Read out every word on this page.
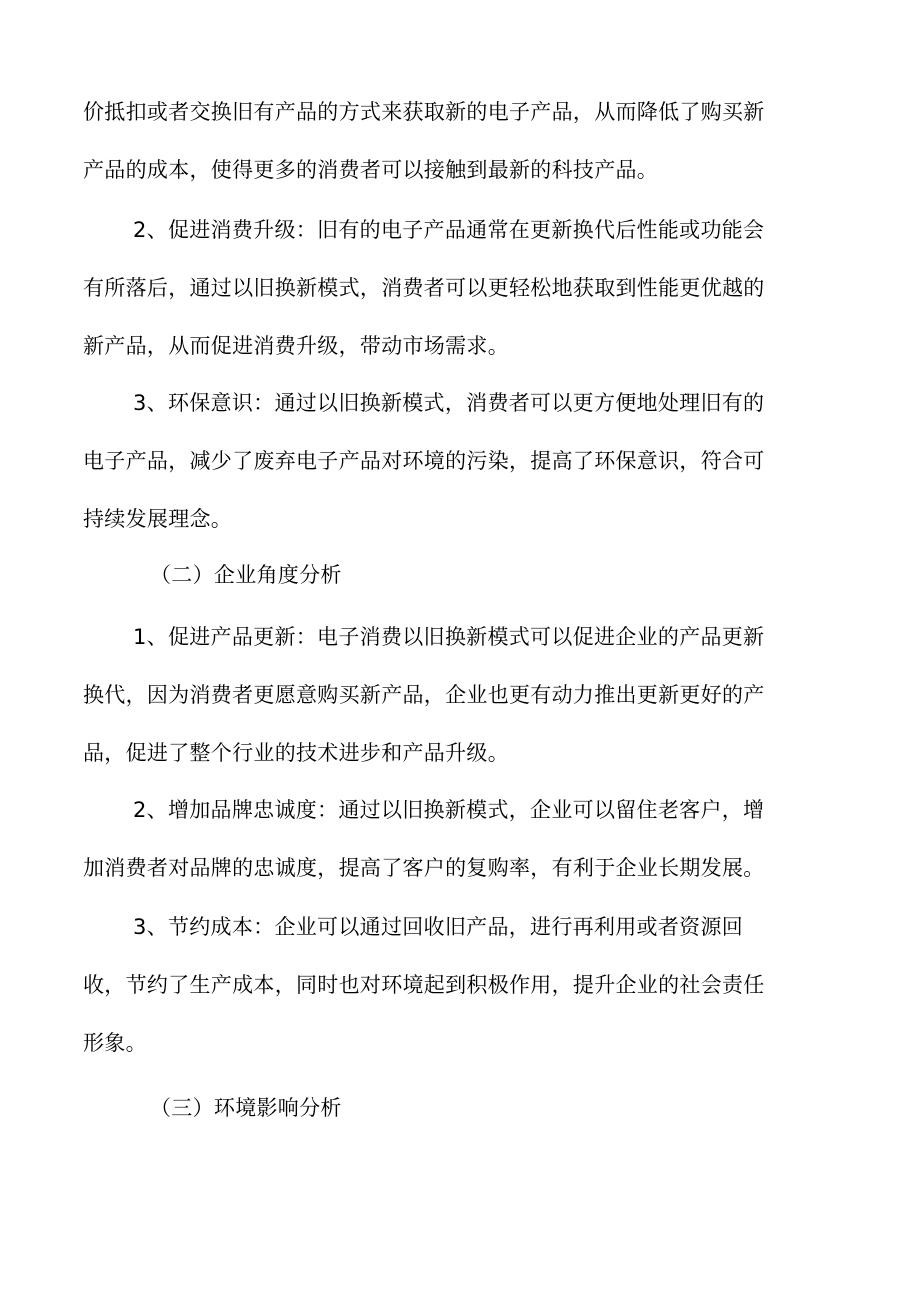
价抵扣或者交换旧有产品的方式来获取新的电子产品，从而降低了购买新
产品的成本，使得更多的消费者可以接触到最新的科技产品。
2、促进消费升级：旧有的电子产品通常在更新换代后性能或功能会
有所落后，通过以旧换新模式，消费者可以更轻松地获取到性能更优越的
新产品，从而促进消费升级，带动市场需求。
3、环保意识：通过以旧换新模式，消费者可以更方便地处理旧有的
电子产品，减少了废弃电子产品对环境的污染，提高了环保意识，符合可
持续发展理念。
（二）企业角度分析
1、促进产品更新：电子消费以旧换新模式可以促进企业的产品更新
换代，因为消费者更愿意购买新产品，企业也更有动力推出更新更好的产
品，促进了整个行业的技术进步和产品升级。
2、增加品牌忠诚度：通过以旧换新模式，企业可以留住老客户，增
加消费者对品牌的忠诚度，提高了客户的复购率，有利于企业长期发展。
3、节约成本：企业可以通过回收旧产品，进行再利用或者资源回
收，节约了生产成本，同时也对环境起到积极作用，提升企业的社会责任
形象。
（三）环境影响分析
